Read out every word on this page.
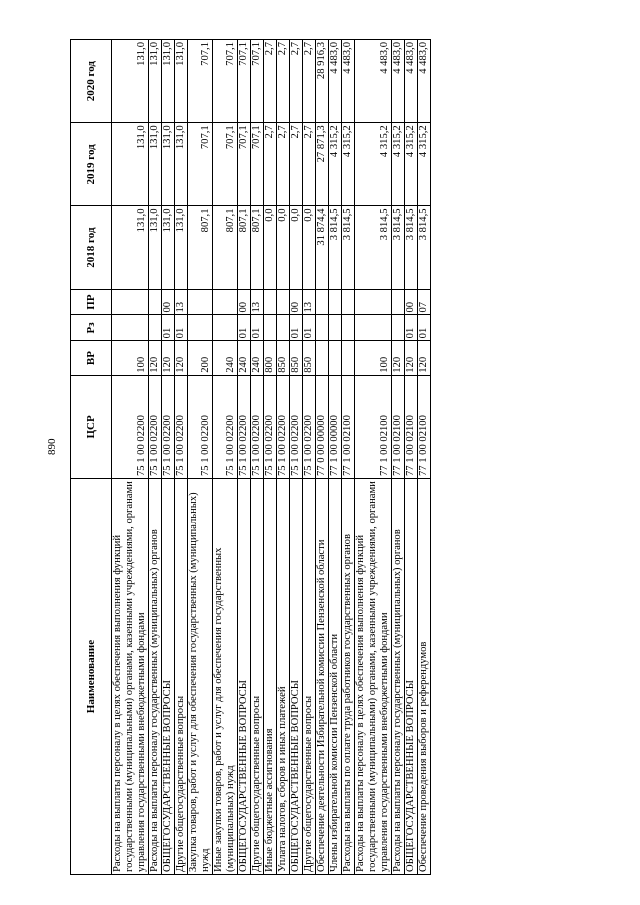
890
Наименование	ЦСР	ВР	Рз	ПР	2018 год	2019 год	2020 год
Расходы на выплаты персоналу в целях обеспечения выполнения функций государственными (муниципальными) органами, казенными учреждениями, органами управления государственными внебюджетными фондами	75 1 00 02200	100			131,0	131,0	131,0
Расходы на выплаты персоналу государственных (муниципальных) органов	75 1 00 02200	120			131,0	131,0	131,0
ОБЩЕГОСУДАРСТВЕННЫЕ ВОПРОСЫ	75 1 00 02200	120	01	00	131,0	131,0	131,0
Другие общегосударственные вопросы	75 1 00 02200	120	01	13	131,0	131,0	131,0
Закупка товаров, работ и услуг для обеспечения государственных (муниципальных) нужд	75 1 00 02200	200			807,1	707,1	707,1
Иные закупки товаров, работ и услуг для обеспечения государственных (муниципальных) нужд	75 1 00 02200	240			807,1	707,1	707,1
ОБЩЕГОСУДАРСТВЕННЫЕ ВОПРОСЫ	75 1 00 02200	240	01	00	807,1	707,1	707,1
Другие общегосударственные вопросы	75 1 00 02200	240	01	13	807,1	707,1	707,1
Иные бюджетные ассигнования	75 1 00 02200	800			0,0	2,7	2,7
Уплата налогов, сборов и иных платежей	75 1 00 02200	850			0,0	2,7	2,7
ОБЩЕГОСУДАРСТВЕННЫЕ ВОПРОСЫ	75 1 00 02200	850	01	00	0,0	2,7	2,7
Другие общегосударственные вопросы	75 1 00 02200	850	01	13	0,0	2,7	2,7
Обеспечение деятельности Избирательной комиссии Пензенской области	77 0 00 00000				31 874,4	27 871,3	28 916,3
Члены избирательной комиссии Пензенской области	77 1 00 00000				3 814,5	4 315,2	4 483,0
Расходы на выплаты по оплате труда работников государственных органов	77 1 00 02100				3 814,5	4 315,2	4 483,0
Расходы на выплаты персоналу в целях обеспечения выполнения функций государственными (муниципальными) органами, казенными учреждениями, органами управления государственными внебюджетными фондами	77 1 00 02100	100			3 814,5	4 315,2	4 483,0
Расходы на выплаты персоналу государственных (муниципальных) органов	77 1 00 02100	120			3 814,5	4 315,2	4 483,0
ОБЩЕГОСУДАРСТВЕННЫЕ ВОПРОСЫ	77 1 00 02100	120	01	00	3 814,5	4 315,2	4 483,0
Обеспечение проведения выборов и референдумов	77 1 00 02100	120	01	07	3 814,5	4 315,2	4 483,0
